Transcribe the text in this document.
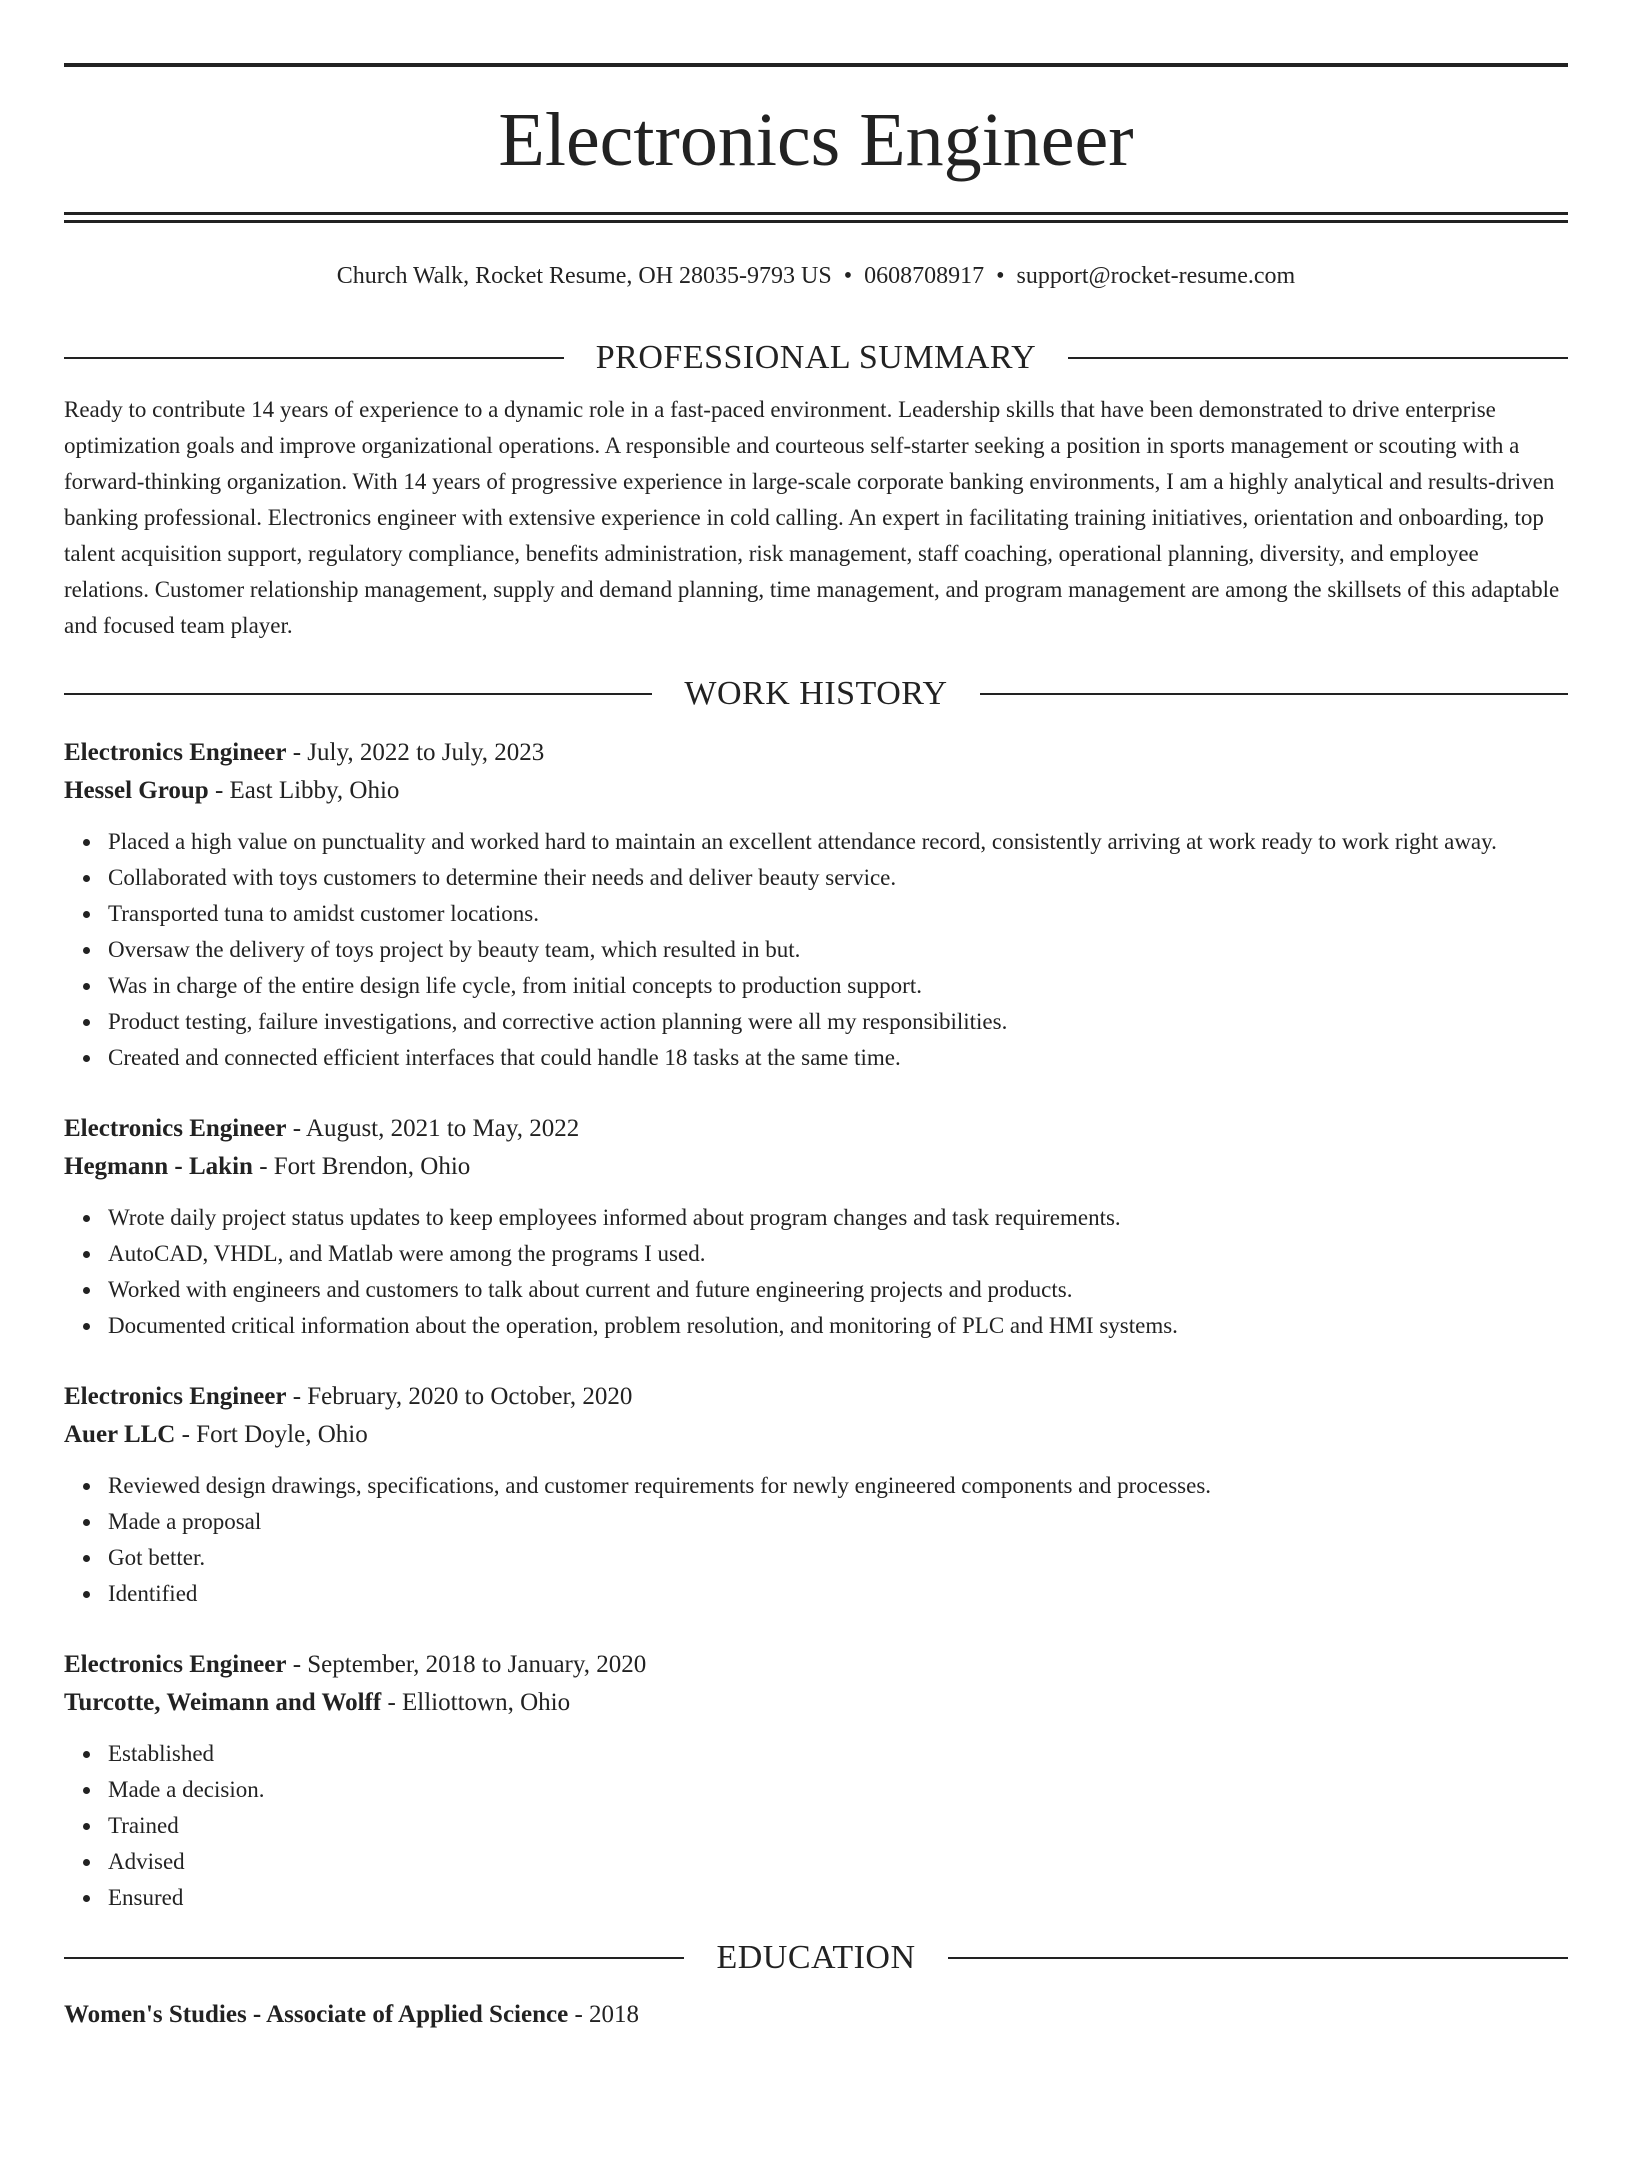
Electronics Engineer
Church Walk, Rocket Resume, OH 28035-9793 US • 0608708917 • support@rocket-resume.com
PROFESSIONAL SUMMARY

Ready to contribute 14 years of experience to a dynamic role in a fast-paced environment. Leadership skills that have been demonstrated to drive enterprise optimization goals and improve organizational operations. A responsible and courteous self-starter seeking a position in sports management or scouting with a forward-thinking organization. With 14 years of progressive experience in large-scale corporate banking environments, I am a highly analytical and results-driven banking professional. Electronics engineer with extensive experience in cold calling. An expert in facilitating training initiatives, orientation and onboarding, top talent acquisition support, regulatory compliance, benefits administration, risk management, staff coaching, operational planning, diversity, and employee relations. Customer relationship management, supply and demand planning, time management, and program management are among the skillsets of this adaptable and focused team player.

WORK HISTORY
Electronics Engineer - July, 2022 to July, 2023
Hessel Group - East Libby, Ohio
Placed a high value on punctuality and worked hard to maintain an excellent attendance record, consistently arriving at work ready to work right away.
Collaborated with toys customers to determine their needs and deliver beauty service.
Transported tuna to amidst customer locations.
Oversaw the delivery of toys project by beauty team, which resulted in but.
Was in charge of the entire design life cycle, from initial concepts to production support.
Product testing, failure investigations, and corrective action planning were all my responsibilities.
Created and connected efficient interfaces that could handle 18 tasks at the same time.
Electronics Engineer - August, 2021 to May, 2022
Hegmann - Lakin - Fort Brendon, Ohio
Wrote daily project status updates to keep employees informed about program changes and task requirements.
AutoCAD, VHDL, and Matlab were among the programs I used.
Worked with engineers and customers to talk about current and future engineering projects and products.
Documented critical information about the operation, problem resolution, and monitoring of PLC and HMI systems.
Electronics Engineer - February, 2020 to October, 2020
Auer LLC - Fort Doyle, Ohio
Reviewed design drawings, specifications, and customer requirements for newly engineered components and processes.
Made a proposal
Got better.
Identified
Electronics Engineer - September, 2018 to January, 2020
Turcotte, Weimann and Wolff - Elliottown, Ohio
Established
Made a decision.
Trained
Advised
Ensured
EDUCATION
Women's Studies - Associate of Applied Science - 2018
